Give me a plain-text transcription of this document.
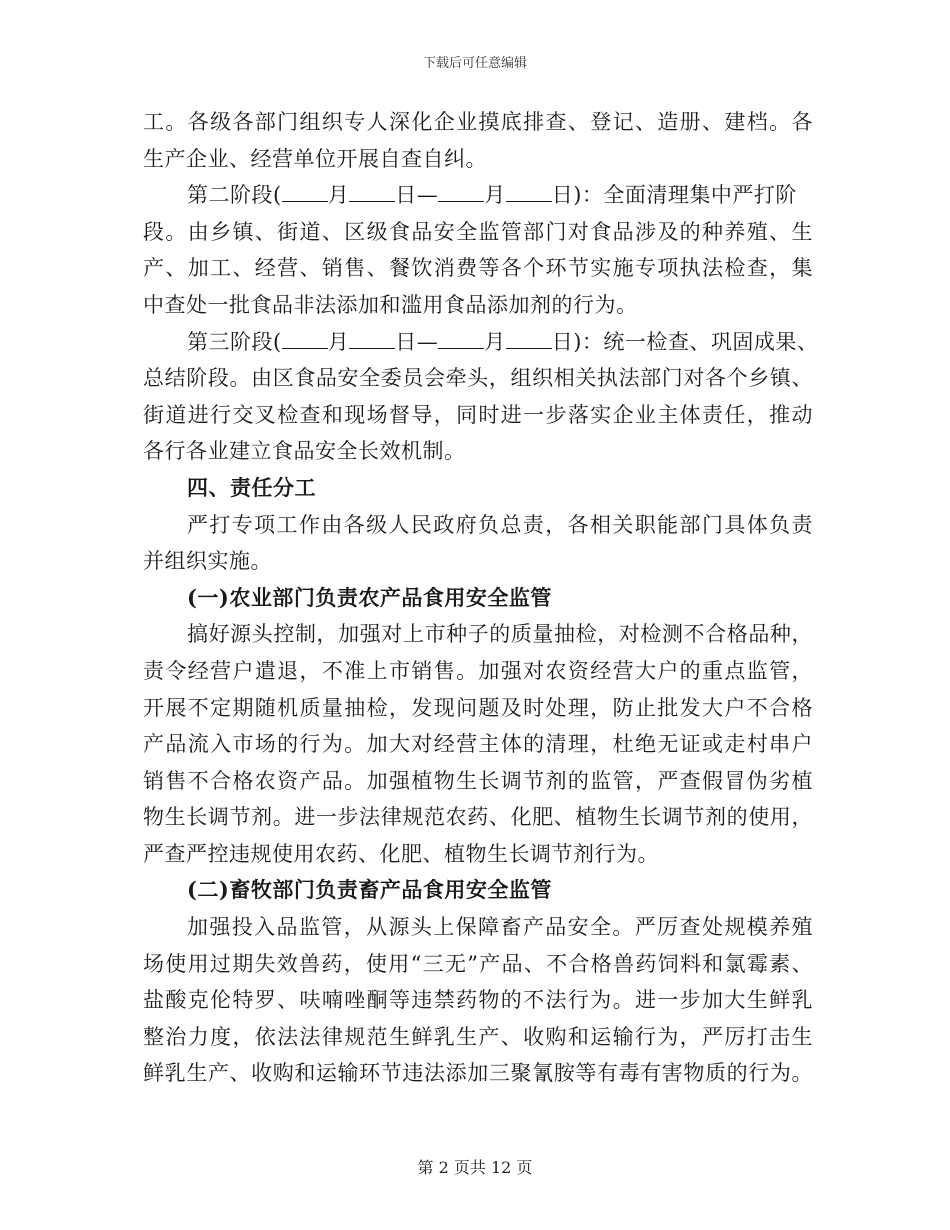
下载后可任意编辑
工。各级各部门组织专人深化企业摸底排查、登记、造册、建档。各
生产企业、经营单位开展自查自纠。
第二阶段( 月 日— 月 日)：全面清理集中严打阶
段。由乡镇、街道、区级食品安全监管部门对食品涉及的种养殖、生
产、加工、经营、销售、餐饮消费等各个环节实施专项执法检查，集
中查处一批食品非法添加和滥用食品添加剂的行为。
第三阶段( 月 日— 月 日)：统一检查、巩固成果、
总结阶段。由区食品安全委员会牵头，组织相关执法部门对各个乡镇、
街道进行交叉检查和现场督导，同时进一步落实企业主体责任，推动
各行各业建立食品安全长效机制。
四、责任分工
严打专项工作由各级人民政府负总责，各相关职能部门具体负责
并组织实施。
(一)农业部门负责农产品食用安全监管
搞好源头控制，加强对上市种子的质量抽检，对检测不合格品种，
责令经营户遣退，不准上市销售。加强对农资经营大户的重点监管，
开展不定期随机质量抽检，发现问题及时处理，防止批发大户不合格
产品流入市场的行为。加大对经营主体的清理，杜绝无证或走村串户
销售不合格农资产品。加强植物生长调节剂的监管，严查假冒伪劣植
物生长调节剂。进一步法律规范农药、化肥、植物生长调节剂的使用，
严查严控违规使用农药、化肥、植物生长调节剂行为。
(二)畜牧部门负责畜产品食用安全监管
加强投入品监管，从源头上保障畜产品安全。严厉查处规模养殖
场使用过期失效兽药，使用“三无”产品、不合格兽药饲料和氯霉素、
盐酸克伦特罗、呋喃唑酮等违禁药物的不法行为。进一步加大生鲜乳
整治力度，依法法律规范生鲜乳生产、收购和运输行为，严厉打击生
鲜乳生产、收购和运输环节违法添加三聚氰胺等有毒有害物质的行为。
第 2 页共 12 页
